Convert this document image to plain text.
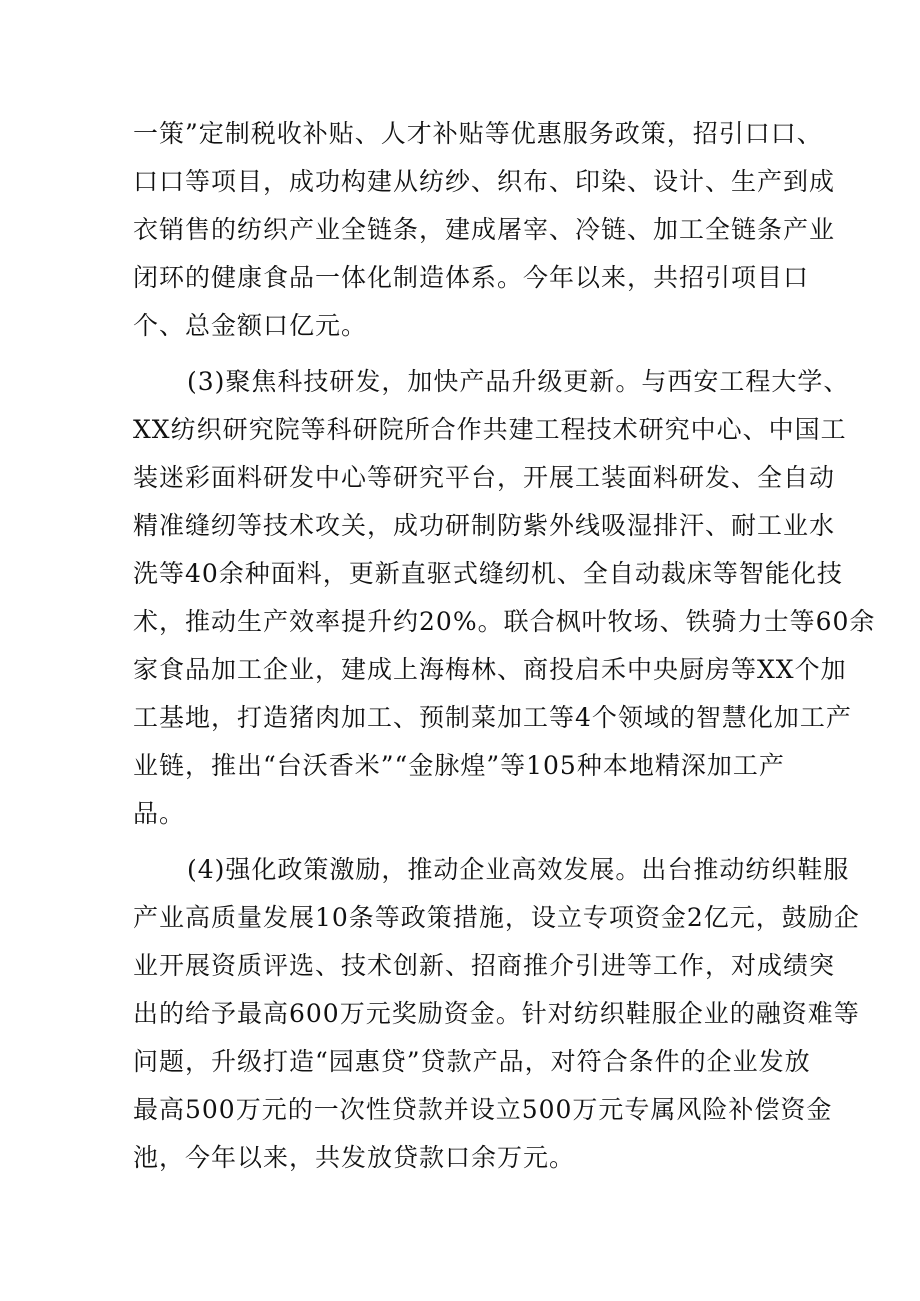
一策”定制税收补贴、人才补贴等优惠服务政策，招引口口、
口口等项目，成功构建从纺纱、织布、印染、设计、生产到成
衣销售的纺织产业全链条，建成屠宰、冷链、加工全链条产业
闭环的健康食品一体化制造体系。今年以来，共招引项目口
个、总金额口亿元。
(3)聚焦科技研发，加快产品升级更新。与西安工程大学、
XX纺织研究院等科研院所合作共建工程技术研究中心、中国工
装迷彩面料研发中心等研究平台，开展工装面料研发、全自动
精准缝纫等技术攻关，成功研制防紫外线吸湿排汗、耐工业水
洗等40余种面料，更新直驱式缝纫机、全自动裁床等智能化技
术，推动生产效率提升约20%。联合枫叶牧场、铁骑力士等60余
家食品加工企业，建成上海梅林、商投启禾中央厨房等XX个加
工基地，打造猪肉加工、预制菜加工等4个领域的智慧化加工产
业链，推出“台沃香米”“金脉煌”等105种本地精深加工产
品。
(4)强化政策激励，推动企业高效发展。出台推动纺织鞋服
产业高质量发展10条等政策措施，设立专项资金2亿元，鼓励企
业开展资质评选、技术创新、招商推介引进等工作，对成绩突
出的给予最高600万元奖励资金。针对纺织鞋服企业的融资难等
问题，升级打造“园惠贷”贷款产品，对符合条件的企业发放
最高500万元的一次性贷款并设立500万元专属风险补偿资金
池，今年以来，共发放贷款口余万元。
